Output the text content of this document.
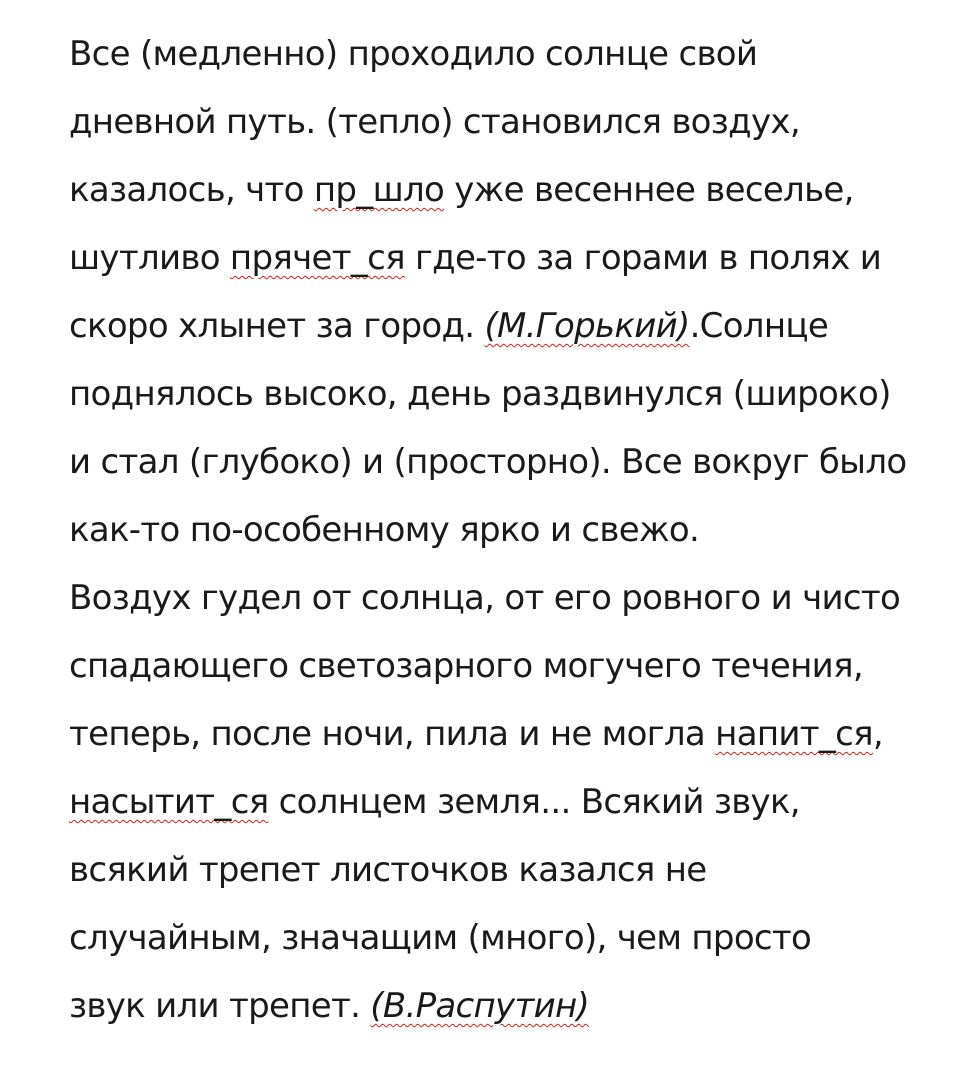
Все (медленно) проходило солнце свой
дневной путь. (тепло) становился воздух,
казалось, что пр_шло уже весеннее веселье,
шутливо прячет_ся где-то за горами в полях и
скоро хлынет за город. (М.Горький).Солнце
поднялось высоко, день раздвинулся (широко)
и стал (глубоко) и (просторно). Все вокруг было
как-то по-особенному ярко и свежо.
Воздух гудел от солнца, от его ровного и чисто
спадающего светозарного могучего течения,
теперь, после ночи, пила и не могла напит_ся,
насытит_ся солнцем земля... Всякий звук,
всякий трепет листочков казался не
случайным, значащим (много), чем просто
звук или трепет. (В.Распутин)
